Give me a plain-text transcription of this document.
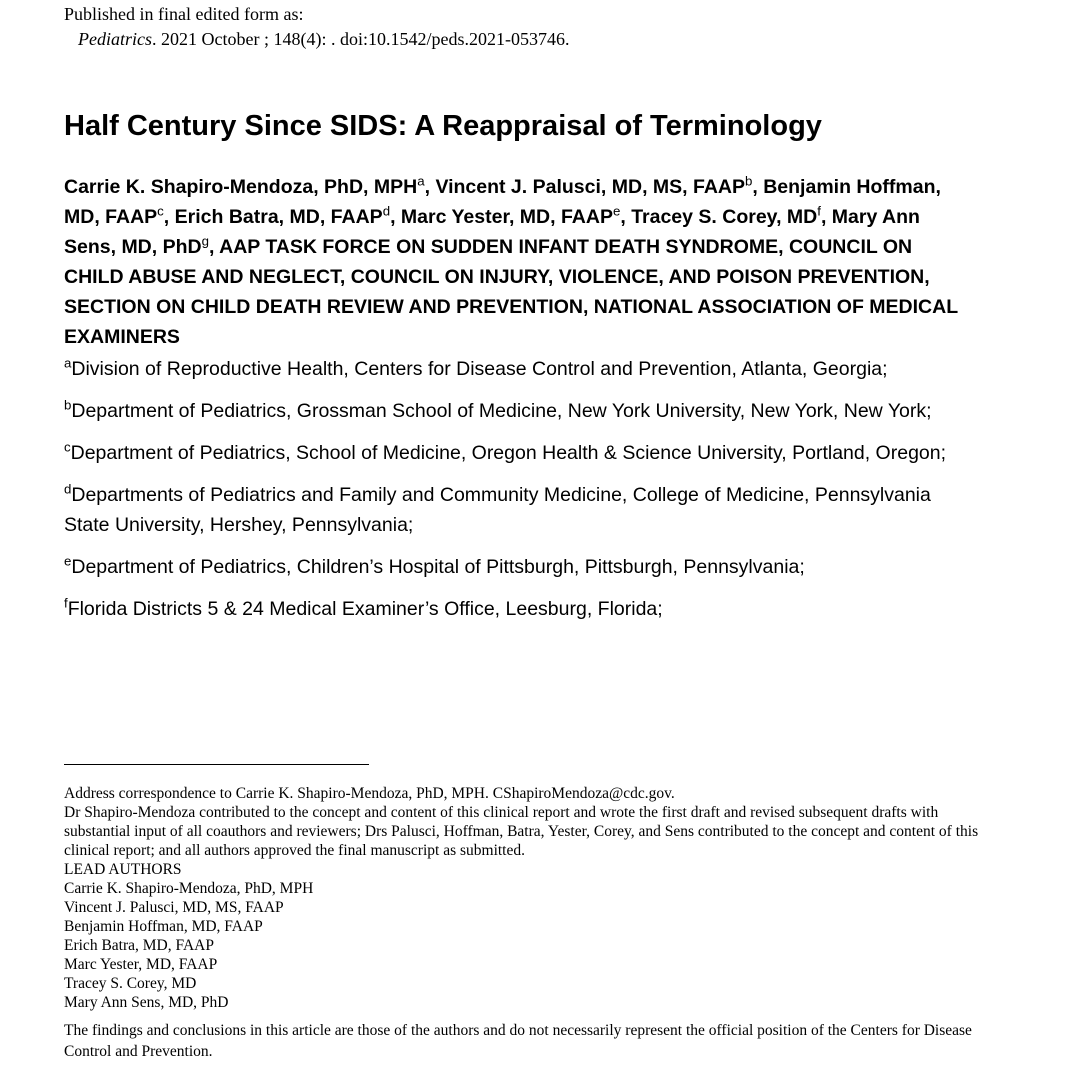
Published in final edited form as:
Pediatrics. 2021 October ; 148(4): . doi:10.1542/peds.2021-053746.
Half Century Since SIDS: A Reappraisal of Terminology
Carrie K. Shapiro-Mendoza, PhD, MPH$^a$, Vincent J. Palusci, MD, MS, FAAP$^b$, Benjamin Hoffman, MD, FAAP$^c$, Erich Batra, MD, FAAP$^d$, Marc Yester, MD, FAAP$^e$, Tracey S. Corey, $MD^f$, Mary Ann Sens, MD, PhD$^g$, AAP TASK FORCE ON SUDDEN INFANT DEATH SYNDROME, COUNCIL ON CHILD ABUSE AND NEGLECT, COUNCIL ON INJURY, VIOLENCE, AND POISON PREVENTION, SECTION ON CHILD DEATH REVIEW AND PREVENTION, NATIONAL ASSOCIATION OF MEDICAL EXAMINERS

$^a$Division of Reproductive Health, Centers for Disease Control and Prevention, Atlanta, Georgia;

$^b$Department of Pediatrics, Grossman School of Medicine, New York University, New York, New York;

$^c$Department of Pediatrics, School of Medicine, Oregon Health & Science University, Portland, Oregon;

$^d$Departments of Pediatrics and Family and Community Medicine, College of Medicine, Pennsylvania State University, Hershey, Pennsylvania;

$^e$Department of Pediatrics, Children’s Hospital of Pittsburgh, Pittsburgh, Pennsylvania;

$^f$Florida Districts 5 & 24 Medical Examiner’s Office, Leesburg, Florida;

Address correspondence to Carrie K. Shapiro-Mendoza, PhD, MPH. CShapiroMendoza@cdc.gov.

Dr Shapiro-Mendoza contributed to the concept and content of this clinical report and wrote the first draft and revised subsequent drafts with substantial input of all coauthors and reviewers; Drs Palusci, Hoffman, Batra, Yester, Corey, and Sens contributed to the concept and content of this clinical report; and all authors approved the final manuscript as submitted.

LEAD AUTHORS

Carrie K. Shapiro-Mendoza, PhD, MPH

Vincent J. Palusci, MD, MS, FAAP

Benjamin Hoffman, MD, FAAP

Erich Batra, MD, FAAP

Marc Yester, MD, FAAP

Tracey S. Corey, MD

Mary Ann Sens, MD, PhD

The findings and conclusions in this article are those of the authors and do not necessarily represent the official position of the Centers for Disease Control and Prevention.
